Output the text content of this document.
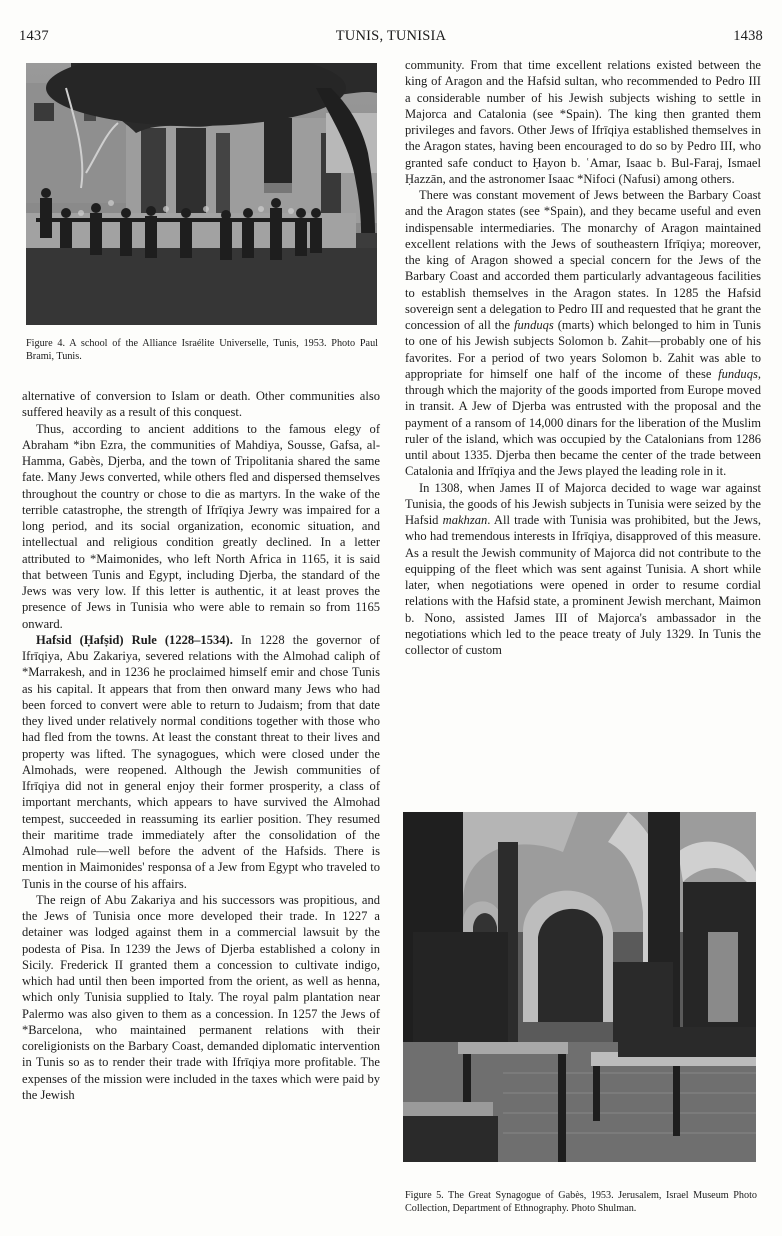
1437	TUNIS, TUNISIA	1438

Figure 4. A school of the Alliance Israélite Universelle, Tunis, 1953. Photo Paul Brami, Tunis.

alternative of conversion to Islam or death. Other communities also suffered heavily as a result of this conquest.

Thus, according to ancient additions to the famous elegy of Abraham *ibn Ezra, the communities of Mahdiya, Sousse, Gafsa, al-Hamma, Gabès, Djerba, and the town of Tripolitania shared the same fate. Many Jews converted, while others fled and dispersed themselves throughout the country or chose to die as martyrs. In the wake of the terrible catastrophe, the strength of Ifrīqiya Jewry was impaired for a long period, and its social organization, economic situation, and intellectual and religious condition greatly declined. In a letter attributed to *Maimonides, who left North Africa in 1165, it is said that between Tunis and Egypt, including Djerba, the standard of the Jews was very low. If this letter is authentic, it at least proves the presence of Jews in Tunisia who were able to remain so from 1165 onward.

Hafsid (Ḥafṣid) Rule (1228–1534). In 1228 the governor of Ifrīqiya, Abu Zakariya, severed relations with the Almohad caliph of *Marrakesh, and in 1236 he proclaimed himself emir and chose Tunis as his capital. It appears that from then onward many Jews who had been forced to convert were able to return to Judaism; from that date they lived under relatively normal conditions together with those who had fled from the towns. At least the constant threat to their lives and property was lifted. The synagogues, which were closed under the Almohads, were reopened. Although the Jewish communities of Ifrīqiya did not in general enjoy their former prosperity, a class of important merchants, which appears to have survived the Almohad tempest, succeeded in reassuming its earlier position. They resumed their maritime trade immediately after the consolidation of the Almohad rule—well before the advent of the Hafsids. There is mention in Maimonides' responsa of a Jew from Egypt who traveled to Tunis in the course of his affairs.

The reign of Abu Zakariya and his successors was propitious, and the Jews of Tunisia once more developed their trade. In 1227 a detainer was lodged against them in a commercial lawsuit by the podesta of Pisa. In 1239 the Jews of Djerba established a colony in Sicily. Frederick II granted them a concession to cultivate indigo, which had until then been imported from the orient, as well as henna, which only Tunisia supplied to Italy. The royal palm plantation near Palermo was also given to them as a concession. In 1257 the Jews of *Barcelona, who maintained permanent relations with their coreligionists on the Barbary Coast, demanded diplomatic intervention in Tunis so as to render their trade with Ifrīqiya more profitable. The expenses of the mission were included in the taxes which were paid by the Jewish

community. From that time excellent relations existed between the king of Aragon and the Hafsid sultan, who recommended to Pedro III a considerable number of his Jewish subjects wishing to settle in Majorca and Catalonia (see *Spain). The king then granted them privileges and favors. Other Jews of Ifrīqiya established themselves in the Aragon states, having been encouraged to do so by Pedro III, who granted safe conduct to Ḥayon b. ʿAmar, Isaac b. Bul-Faraj, Ismael Ḥazzān, and the astronomer Isaac *Nifoci (Nafusi) among others.

There was constant movement of Jews between the Barbary Coast and the Aragon states (see *Spain), and they became useful and even indispensable intermediaries. The monarchy of Aragon maintained excellent relations with the Jews of southeastern Ifrīqiya; moreover, the king of Aragon showed a special concern for the Jews of the Barbary Coast and accorded them particularly advantageous facilities to establish themselves in the Aragon states. In 1285 the Hafsid sovereign sent a delegation to Pedro III and requested that he grant the concession of all the funduqs (marts) which belonged to him in Tunis to one of his Jewish subjects Solomon b. Zahit—probably one of his favorites. For a period of two years Solomon b. Zahit was able to appropriate for himself one half of the income of these funduqs, through which the majority of the goods imported from Europe moved in transit. A Jew of Djerba was entrusted with the proposal and the payment of a ransom of 14,000 dinars for the liberation of the Muslim ruler of the island, which was occupied by the Catalonians from 1286 until about 1335. Djerba then became the center of the trade between Catalonia and Ifrīqiya and the Jews played the leading role in it.

In 1308, when James II of Majorca decided to wage war against Tunisia, the goods of his Jewish subjects in Tunisia were seized by the Hafsid makhzan. All trade with Tunisia was prohibited, but the Jews, who had tremendous interests in Ifrīqiya, disapproved of this measure. As a result the Jewish community of Majorca did not contribute to the equipping of the fleet which was sent against Tunisia. A short while later, when negotiations were opened in order to resume cordial relations with the Hafsid state, a prominent Jewish merchant, Maimon b. Nono, assisted James III of Majorca's ambassador in the negotiations which led to the peace treaty of July 1329. In Tunis the collector of custom

Figure 5. The Great Synagogue of Gabès, 1953. Jerusalem, Israel Museum Photo Collection, Department of Ethnography. Photo Shulman.
